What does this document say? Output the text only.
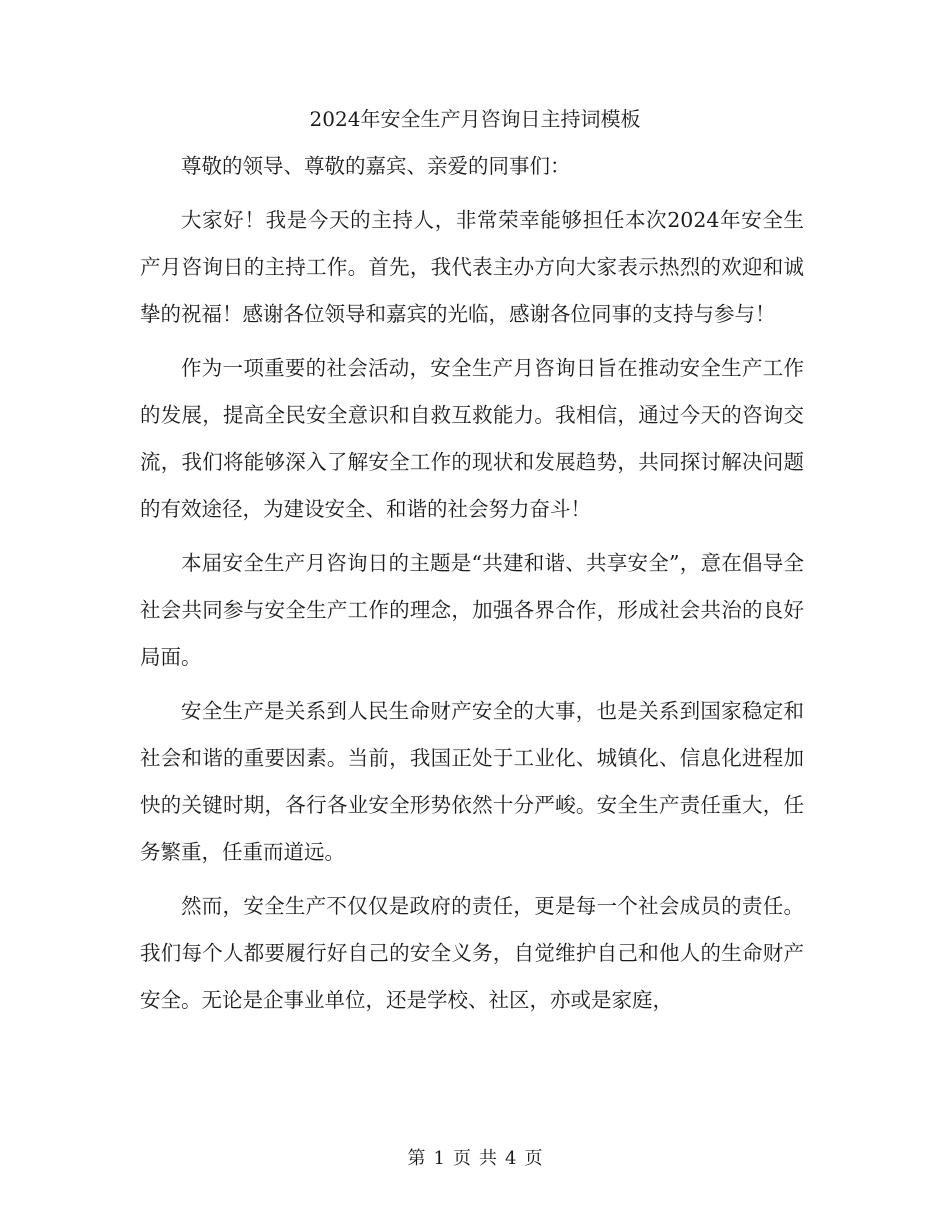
2024年安全生产月咨询日主持词模板

尊敬的领导、尊敬的嘉宾、亲爱的同事们：

大家好！我是今天的主持人，非常荣幸能够担任本次2024年安全生产月咨询日的主持工作。首先，我代表主办方向大家表示热烈的欢迎和诚挚的祝福！感谢各位领导和嘉宾的光临，感谢各位同事的支持与参与！

作为一项重要的社会活动，安全生产月咨询日旨在推动安全生产工作的发展，提高全民安全意识和自救互救能力。我相信，通过今天的咨询交流，我们将能够深入了解安全工作的现状和发展趋势，共同探讨解决问题的有效途径，为建设安全、和谐的社会努力奋斗！

本届安全生产月咨询日的主题是“共建和谐、共享安全”，意在倡导全社会共同参与安全生产工作的理念，加强各界合作，形成社会共治的良好局面。

安全生产是关系到人民生命财产安全的大事，也是关系到国家稳定和社会和谐的重要因素。当前，我国正处于工业化、城镇化、信息化进程加快的关键时期，各行各业安全形势依然十分严峻。安全生产责任重大，任务繁重，任重而道远。

然而，安全生产不仅仅是政府的责任，更是每一个社会成员的责任。我们每个人都要履行好自己的安全义务，自觉维护自己和他人的生命财产安全。无论是企事业单位，还是学校、社区，亦或是家庭，

第 1 页 共 4 页
